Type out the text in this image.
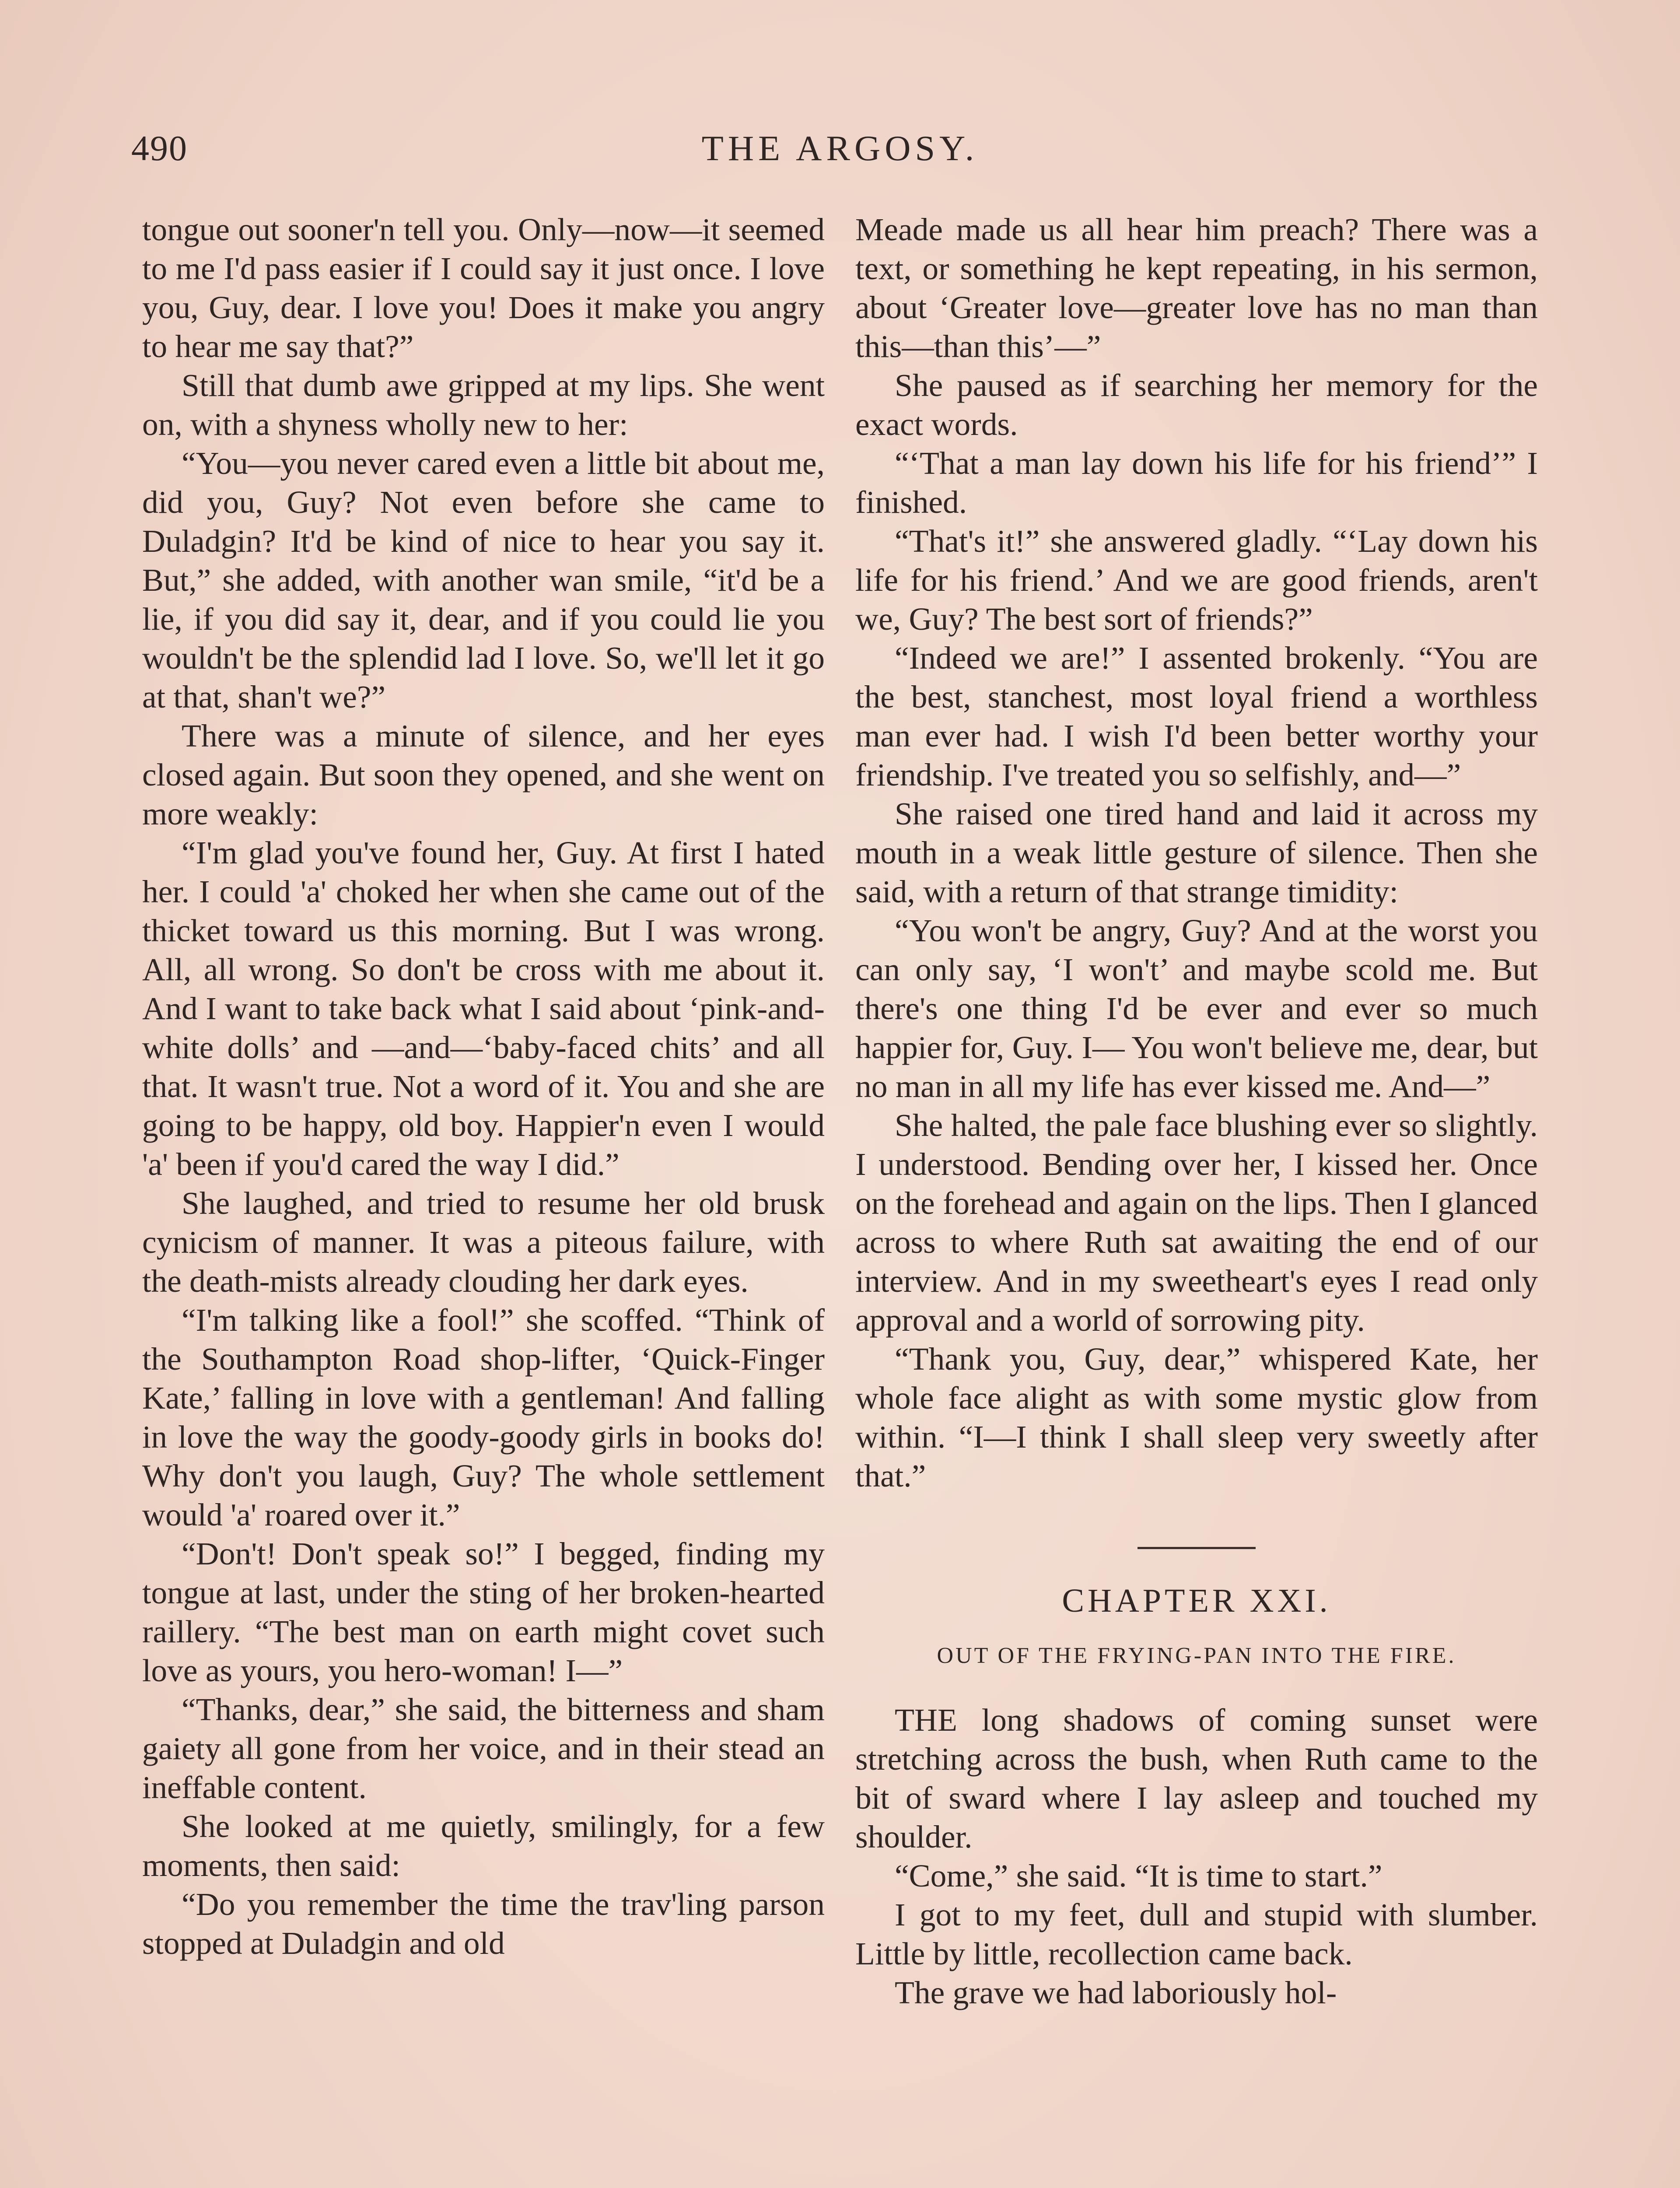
490	THE ARGOSY.

tongue out sooner'n tell you. Only—now—it seemed to me I'd pass easier if I could say it just once. I love you, Guy, dear. I love you! Does it make you angry to hear me say that?”

Still that dumb awe gripped at my lips. She went on, with a shyness wholly new to her:

“You—you never cared even a little bit about me, did you, Guy? Not even before she came to Duladgin? It'd be kind of nice to hear you say it. But,” she added, with another wan smile, “it'd be a lie, if you did say it, dear, and if you could lie you wouldn't be the splendid lad I love. So, we'll let it go at that, shan't we?”

There was a minute of silence, and her eyes closed again. But soon they opened, and she went on more weakly:

“I'm glad you've found her, Guy. At first I hated her. I could 'a' choked her when she came out of the thicket toward us this morning. But I was wrong. All, all wrong. So don't be cross with me about it. And I want to take back what I said about ‘pink-and-white dolls’ and —and—‘baby-faced chits’ and all that. It wasn't true. Not a word of it. You and she are going to be happy, old boy. Happier'n even I would 'a' been if you'd cared the way I did.”

She laughed, and tried to resume her old brusk cynicism of manner. It was a piteous failure, with the death-mists already clouding her dark eyes.

“I'm talking like a fool!” she scoffed. “Think of the Southampton Road shop-lifter, ‘Quick-Finger Kate,’ falling in love with a gentleman! And falling in love the way the goody-goody girls in books do! Why don't you laugh, Guy? The whole settlement would 'a' roared over it.”

“Don't! Don't speak so!” I begged, finding my tongue at last, under the sting of her broken-hearted raillery. “The best man on earth might covet such love as yours, you hero-woman! I—”

“Thanks, dear,” she said, the bitterness and sham gaiety all gone from her voice, and in their stead an ineffable content.

She looked at me quietly, smilingly, for a few moments, then said:

“Do you remember the time the trav'ling parson stopped at Duladgin and old

Meade made us all hear him preach? There was a text, or something he kept repeating, in his sermon, about ‘Greater love—greater love has no man than this—than this’—”

She paused as if searching her memory for the exact words.

“‘That a man lay down his life for his friend’” I finished.

“That's it!” she answered gladly. “‘Lay down his life for his friend.’ And we are good friends, aren't we, Guy? The best sort of friends?”

“Indeed we are!” I assented brokenly. “You are the best, stanchest, most loyal friend a worthless man ever had. I wish I'd been better worthy your friendship. I've treated you so selfishly, and—”

She raised one tired hand and laid it across my mouth in a weak little gesture of silence. Then she said, with a return of that strange timidity:

“You won't be angry, Guy? And at the worst you can only say, ‘I won't’ and maybe scold me. But there's one thing I'd be ever and ever so much happier for, Guy. I— You won't believe me, dear, but no man in all my life has ever kissed me. And—”

She halted, the pale face blushing ever so slightly. I understood. Bending over her, I kissed her. Once on the forehead and again on the lips. Then I glanced across to where Ruth sat awaiting the end of our interview. And in my sweetheart's eyes I read only approval and a world of sorrowing pity.

“Thank you, Guy, dear,” whispered Kate, her whole face alight as with some mystic glow from within. “I—I think I shall sleep very sweetly after that.”

CHAPTER XXI.
OUT OF THE FRYING-PAN INTO THE FIRE.

THE long shadows of coming sunset were stretching across the bush, when Ruth came to the bit of sward where I lay asleep and touched my shoulder.

“Come,” she said. “It is time to start.”

I got to my feet, dull and stupid with slumber. Little by little, recollection came back.

The grave we had laboriously hol-
